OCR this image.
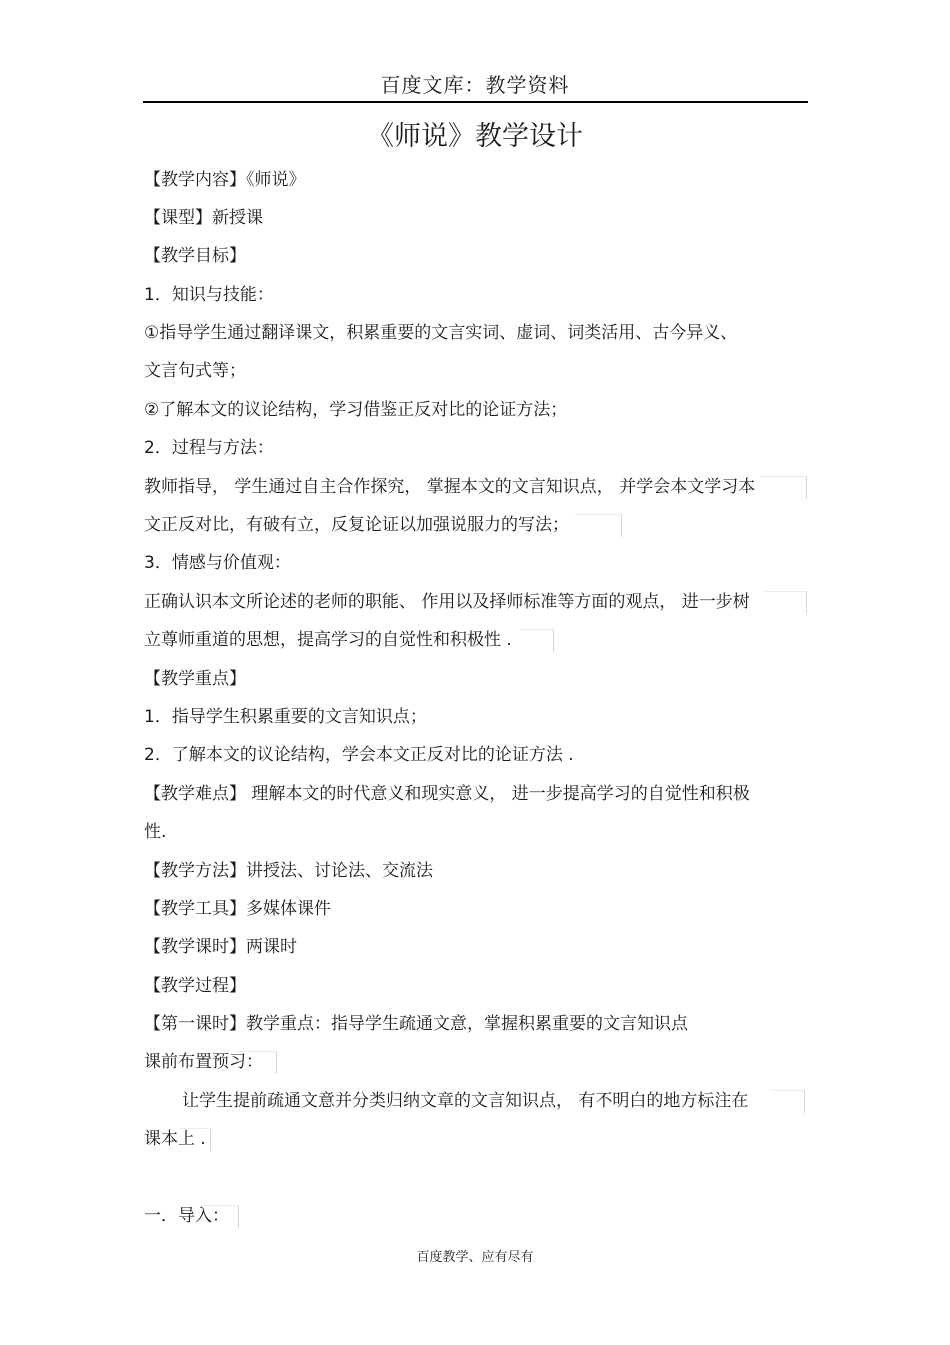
百度文库：教学资料
《师说》教学设计
【教学内容】《师说》
【课型】新授课
【教学目标】
1．知识与技能：
①指导学生通过翻译课文，积累重要的文言实词、虚词、词类活用、古今异义、
文言句式等；
②了解本文的议论结构，学习借鉴正反对比的论证方法；
2．过程与方法：
教师指导， 学生通过自主合作探究， 掌握本文的文言知识点， 并学会本文学习本
文正反对比，有破有立，反复论证以加强说服力的写法；
3．情感与价值观：
正确认识本文所论述的老师的职能、 作用以及择师标准等方面的观点， 进一步树
立尊师重道的思想，提高学习的自觉性和积极性 .
【教学重点】
1．指导学生积累重要的文言知识点；
2．了解本文的议论结构，学会本文正反对比的论证方法 .
【教学难点】 理解本文的时代意义和现实意义， 进一步提高学习的自觉性和积极
性.
【教学方法】讲授法、讨论法、交流法
【教学工具】多媒体课件
【教学课时】两课时
【教学过程】
【第一课时】教学重点：指导学生疏通文意，掌握积累重要的文言知识点
课前布置预习：
让学生提前疏通文意并分类归纳文章的文言知识点， 有不明白的地方标注在
课本上 .
一．导入：
百度教学、应有尽有
